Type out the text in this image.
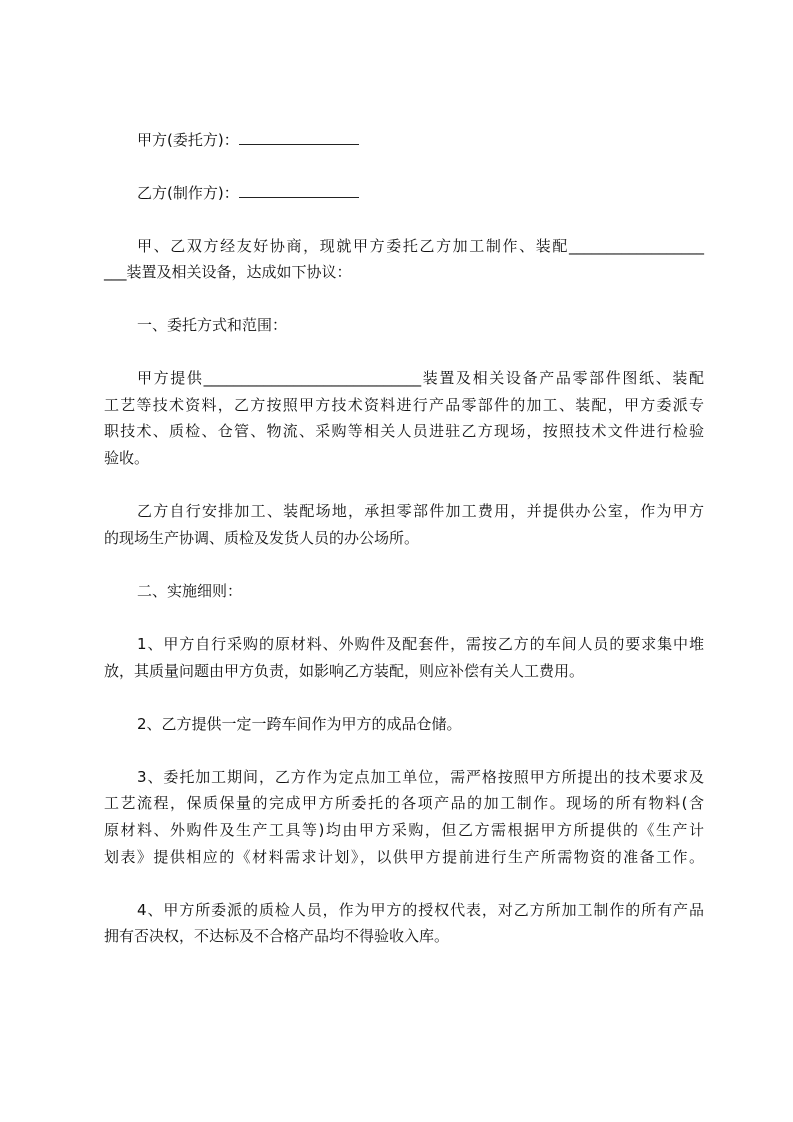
甲方(委托方)：
乙方(制作方)：
甲、乙双方经友好协商，现就甲方委托乙方加工制作、装配__________________
___装置及相关设备，达成如下协议：
一、委托方式和范围：
甲方提供_____________________________装置及相关设备产品零部件图纸、装配
工艺等技术资料，乙方按照甲方技术资料进行产品零部件的加工、装配，甲方委派专
职技术、质检、仓管、物流、采购等相关人员进驻乙方现场，按照技术文件进行检验
验收。
乙方自行安排加工、装配场地，承担零部件加工费用，并提供办公室，作为甲方
的现场生产协调、质检及发货人员的办公场所。
二、实施细则：
1、甲方自行采购的原材料、外购件及配套件，需按乙方的车间人员的要求集中堆
放，其质量问题由甲方负责，如影响乙方装配，则应补偿有关人工费用。
2、乙方提供一定一跨车间作为甲方的成品仓储。
3、委托加工期间，乙方作为定点加工单位，需严格按照甲方所提出的技术要求及
工艺流程，保质保量的完成甲方所委托的各项产品的加工制作。现场的所有物料(含
原材料、外购件及生产工具等)均由甲方采购，但乙方需根据甲方所提供的《生产计
划表》提供相应的《材料需求计划》，以供甲方提前进行生产所需物资的准备工作。
4、甲方所委派的质检人员，作为甲方的授权代表，对乙方所加工制作的所有产品
拥有否决权，不达标及不合格产品均不得验收入库。
